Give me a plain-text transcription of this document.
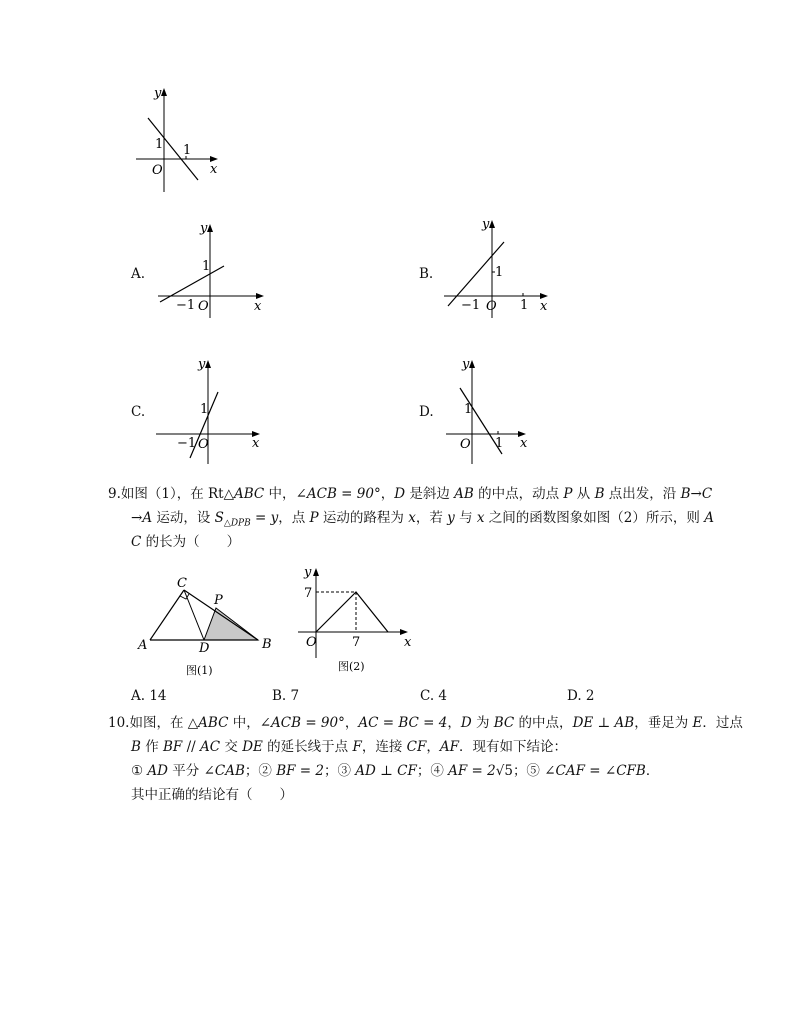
y
x
O
1 1
A.
y
x
O
1
−1
B.
y
x
O
1
−1	1
C.
y
x
O
1
−1
D.
y
x
O
1
1
9.如图（1），在 Rt△ABC 中，∠ACB = 90°，D 是斜边 AB 的中点，动点 P 从 B 点出发，沿 B→C
→A 运动，设 $S_{\triangle DPB} = y$，点 P 运动的路程为 x，若 y 与 x 之间的函数图象如图（2）所示，则 A
C 的长为（　　）
C
P
A	D	B
图(1)
y
x
O
7
7
图(2)
A. 14	B. 7	C. 4	D. 2
10.如图，在 △ABC 中，∠ACB = 90°，AC = BC = 4，D 为 BC 的中点，DE ⊥ AB，垂足为 E．过点
B 作 BF // AC 交 DE 的延长线于点 F，连接 CF，AF．现有如下结论：
① AD 平分 ∠CAB；② BF = 2；③ AD ⊥ CF；④ AF = 2√5；⑤ ∠CAF = ∠CFB．
其中正确的结论有（　　）
